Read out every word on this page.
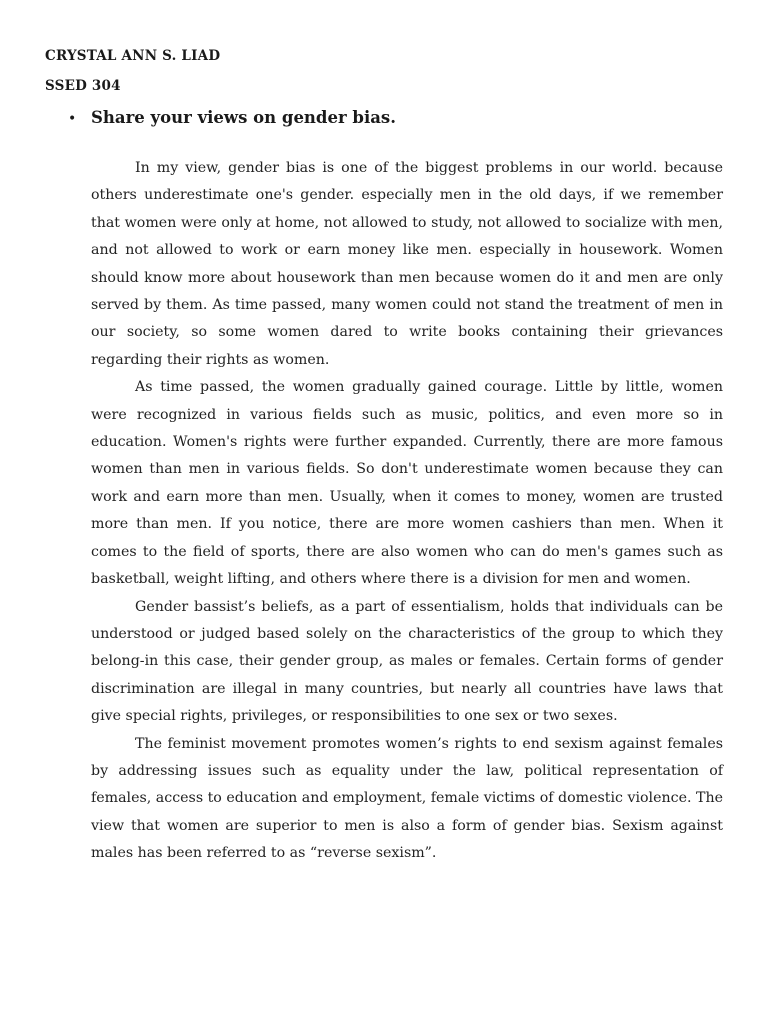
CRYSTAL ANN S. LIAD
SSED 304
• Share your views on gender bias.

In my view, gender bias is one of the biggest problems in our world. because others underestimate one's gender. especially men in the old days, if we remember that women were only at home, not allowed to study, not allowed to socialize with men, and not allowed to work or earn money like men. especially in housework. Women should know more about housework than men because women do it and men are only served by them. As time passed, many women could not stand the treatment of men in our society, so some women dared to write books containing their grievances regarding their rights as women.

As time passed, the women gradually gained courage. Little by little, women were recognized in various fields such as music, politics, and even more so in education. Women's rights were further expanded. Currently, there are more famous women than men in various fields. So don't underestimate women because they can work and earn more than men. Usually, when it comes to money, women are trusted more than men. If you notice, there are more women cashiers than men. When it comes to the field of sports, there are also women who can do men's games such as basketball, weight lifting, and others where there is a division for men and women.

Gender bassist’s beliefs, as a part of essentialism, holds that individuals can be understood or judged based solely on the characteristics of the group to which they belong-in this case, their gender group, as males or females. Certain forms of gender discrimination are illegal in many countries, but nearly all countries have laws that give special rights, privileges, or responsibilities to one sex or two sexes.

The feminist movement promotes women’s rights to end sexism against females by addressing issues such as equality under the law, political representation of females, access to education and employment, female victims of domestic violence. The view that women are superior to men is also a form of gender bias. Sexism against males has been referred to as “reverse sexism”.
